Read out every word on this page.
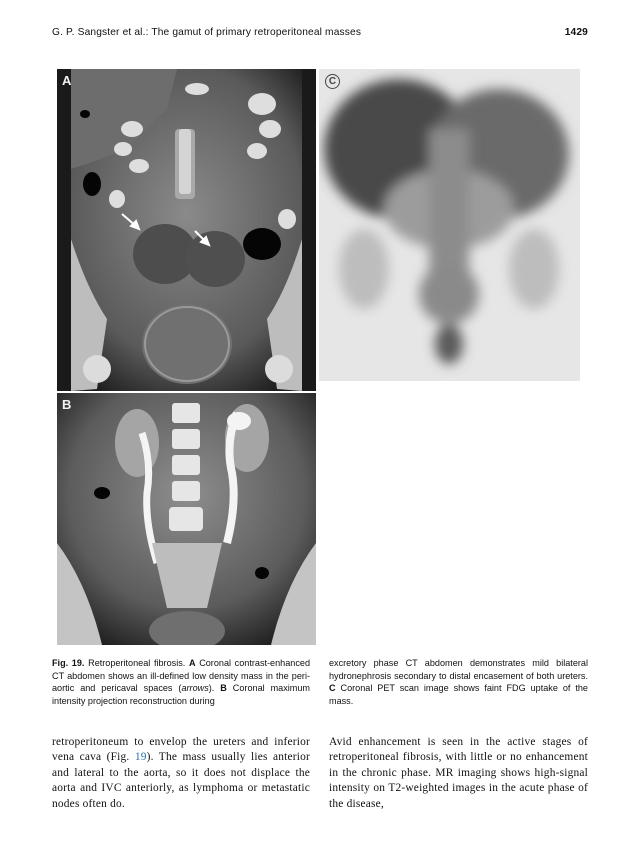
G. P. Sangster et al.: The gamut of primary retroperitoneal masses	1429
A	C
B
Fig. 19. Retroperitoneal fibrosis. A Coronal contrast-enhanced CT abdomen shows an ill-defined low density mass in the peri-aortic and pericaval spaces (arrows). B Coronal maximum intensity projection reconstruction during
excretory phase CT abdomen demonstrates mild bilateral hydronephrosis secondary to distal encasement of both ureters. C Coronal PET scan image shows faint FDG uptake of the mass.
retroperitoneum to envelop the ureters and inferior vena cava (Fig. 19). The mass usually lies anterior and lateral to the aorta, so it does not displace the aorta and IVC anteriorly, as lymphoma or metastatic nodes often do.
Avid enhancement is seen in the active stages of retroperitoneal fibrosis, with little or no enhancement in the chronic phase. MR imaging shows high-signal intensity on T2-weighted images in the acute phase of the disease,
